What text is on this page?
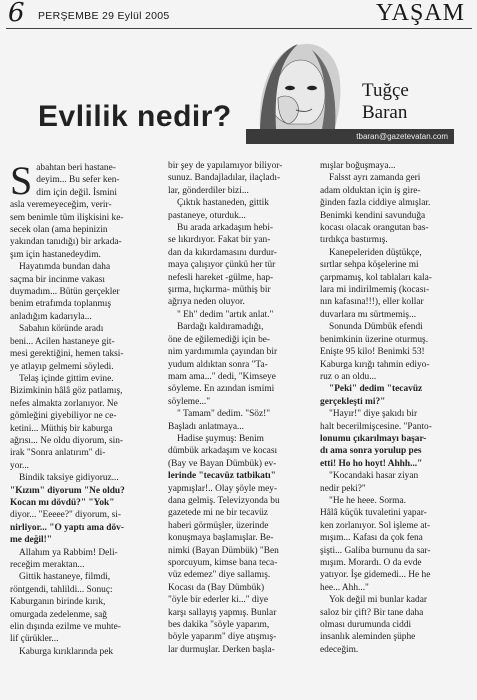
6 PERŞEMBE 29 Eylül 2005	YAŞAM
Evlilik nedir?
Tuğçe
Baran
tbaran@gazetevatan.com
S abahtan beri hastane-
deyim... Bu sefer ken-
dim için değil. İsmini
asla veremeyeceğim, verir-
sem benimle tüm ilişkisini ke-
secek olan (ama hepinizin
yakından tanıdığı) bir arkada-
şım için hastanedeydim.
Hayatımda bundan daha
saçma bir incinme vakası
duymadım... Bütün gerçekler
benim etrafımda toplanmış
anladığım kadarıyla...
Sabahın köründe aradı
beni... Acilen hastaneye git-
mesi gerektiğini, hemen taksi-
ye atlayıp gelmemi söyledi.
Telaş içinde gittim evine.
Bizimkinin hâlâ göz patlamış,
nefes almakta zorlanıyor. Ne
gömleğini giyebiliyor ne ce-
ketini... Müthiş bir kaburga
ağrısı... Ne oldu diyorum, sin-
irak "Sonra anlatırım" di-
yor...
Bindik taksiye gidiyoruz...
"Kızım" diyorum "Ne oldu?
Kocan mı dövdü?" "Yok"
diyor... "Eeeee?" diyorum, si-
nirliyor... "O yaptı ama döv-
me değil!"
Allahım ya Rabbim! Deli-
receğim meraktan...
Gittik hastaneye, filmdi,
röntgendi, tahlildi... Sonuç:
Kaburganın birinde kırık,
omurgada zedelenme, sağ
elin dışında ezilme ve muhte-
lif çürükler...
Kaburga kırıklarında pek
bir şey de yapılamıyor biliyor-
sunuz. Bandajladılar, ilaçladı-
lar, gönderdiler bizi...
Çıktık hastaneden, gittik
pastaneye, oturduk...
Bu arada arkadaşım hebi-
se lıkırdıyor. Fakat bir yan-
dan da kıkırdamasını durdur-
maya çalışıyor çünkü her tür
nefesli hareket -gülme, hap-
şırma, hıçkırma- müthiş bir
ağrıya neden oluyor.
" Eh" dedim "artık anlat."
Bardağı kaldıramadığı,
öne de eğilemediği için be-
nim yardımımla çayından bir
yudum aldıktan sonra "Ta-
mam ama..." dedi, "Kimseye
söyleme. En azından ismimi
söyleme..."
" Tamam" dedim. "Söz!"
Başladı anlatmaya...
Hadise şuymuş: Benim
dümbük arkadaşım ve kocası
(Bay ve Bayan Dümbük) ev-
lerinde "tecavüz tatbikatı"
yapmışlar!.. Olay şöyle mey-
dana gelmiş. Televizyonda bu
gazetede mi ne bir tecavüz
haberi görmüşler, üzerinde
konuşmaya başlamışlar. Be-
nimki (Bayan Dümbük) "Ben
sporcuyum, kimse bana teca-
vüz edemez" diye sallamış.
Kocası da (Bay Dümbük)
"öyle bir ederler ki..." diye
karşı sallayış yapmış. Bunlar
bes dakika "söyle yaparım,
böyle yaparım" diye atışmış-
lar durmuşlar. Derken başla-
mışlar boğuşmaya...
Falsst ayrı zamanda geri
adam olduktan için iş gire-
ğinden fazla ciddiye almışlar.
Benimki kendini savunduğa
kocası olacak orangutan bas-
tırdıkça bastırmış.
Kanepeleriden düştükçe,
sırtlar sehpa köşelerine mi
çarpmamış, kol tablaları kala-
lara mi indirilmemiş (kocası-
nın kafasına!!!), eller kollar
duvarlara mı sürtmemiş...
Sonunda Dümbük efendi
benimkinin üzerine oturmuş.
Enişte 95 kilo! Benimki 53!
Kaburga kırığı tahmin ediyo-
ruz o an oldu...
"Peki" dedim "tecavüz
gerçekleşti mi?"
"Hayır!" diye şakıdı bir
halt becerilmişcesine. "Panto-
lonumu çıkarılmayı başar-
dı ama sonra yorulup pes
etti! Ho ho hoyt! Ahhh..."
"Kocandaki hasar ziyan
nedir peki?"
"He he heee. Sorma.
Hâlâ küçük tuvaletini yapar-
ken zorlanıyor. Sol işleme at-
mışım... Kafası da çok fena
şişti... Galiba burnunu da sar-
mışım. Morardı. O da evde
yatıyor. İşe gidemedi... He he
hee... Ahh..."
Yok değil mi bunlar kadar
saloz bir çift? Bir tane daha
olması durumunda ciddi
insanlık aleminden şüphe
edeceğim.
